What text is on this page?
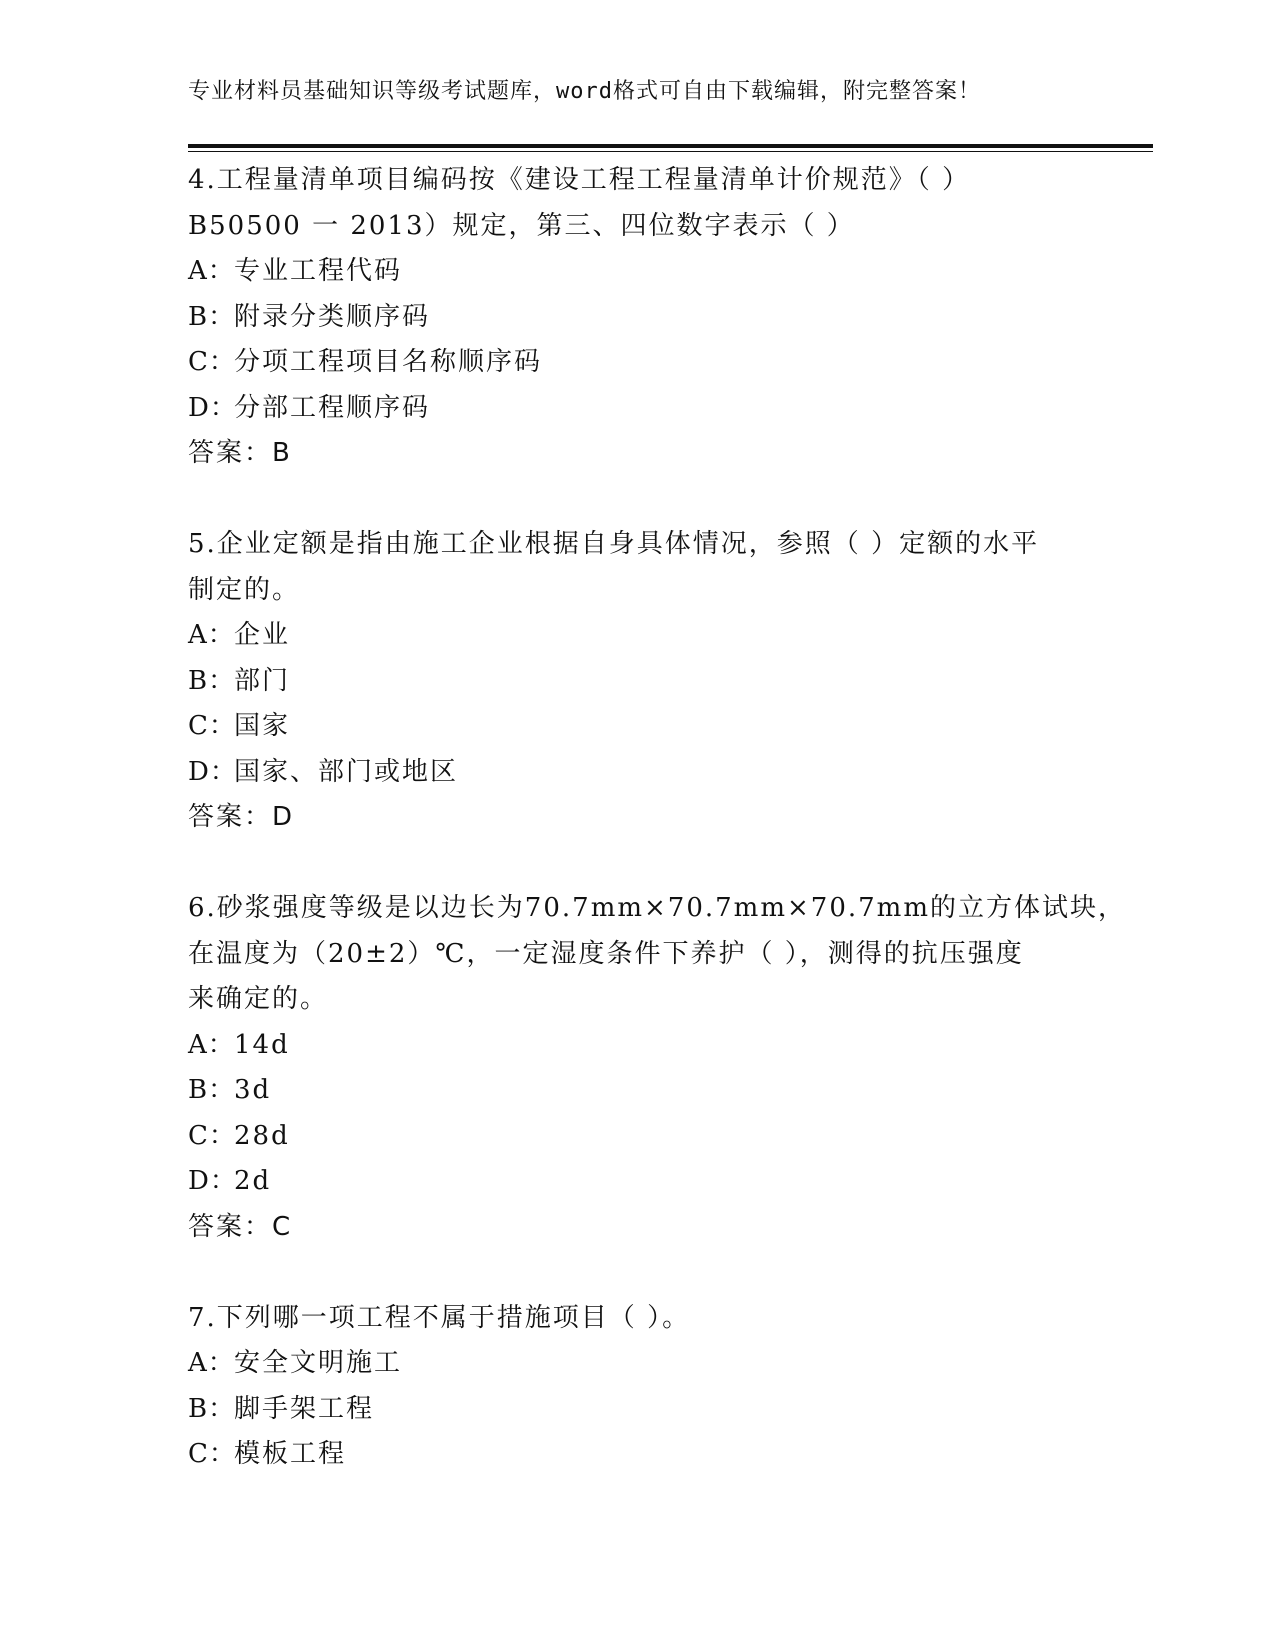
专业材料员基础知识等级考试题库，word格式可自由下载编辑，附完整答案！
4.工程量清单项目编码按《建设工程工程量清单计价规范》（ ）
B50500 一 2013）规定，第三、四位数字表示（ ）
A： 专业工程代码
B：
附录分类顺序码
C：
分项工程项目名称顺序码
D：
分部工程顺序码
答案：B
5.企业定额是指由施工企业根据自身具体情况，参照（ ）定额的水平
制定的。
A： 企业
B：
部门
C：
国家
D：
国家、部门或地区
答案：D
6.砂浆强度等级是以边长为70.7mm×70.7mm×70.7mm的立方体试块，
在温度为（20±2）℃，一定湿度条件下养护（ ），测得的抗压强度
来确定的。
A： 14d
B：
3d
C：
28d
D：
2d
答案：C
7.下列哪一项工程不属于措施项目（ ）。
A： 安全文明施工
B：
脚手架工程
C：
模板工程
